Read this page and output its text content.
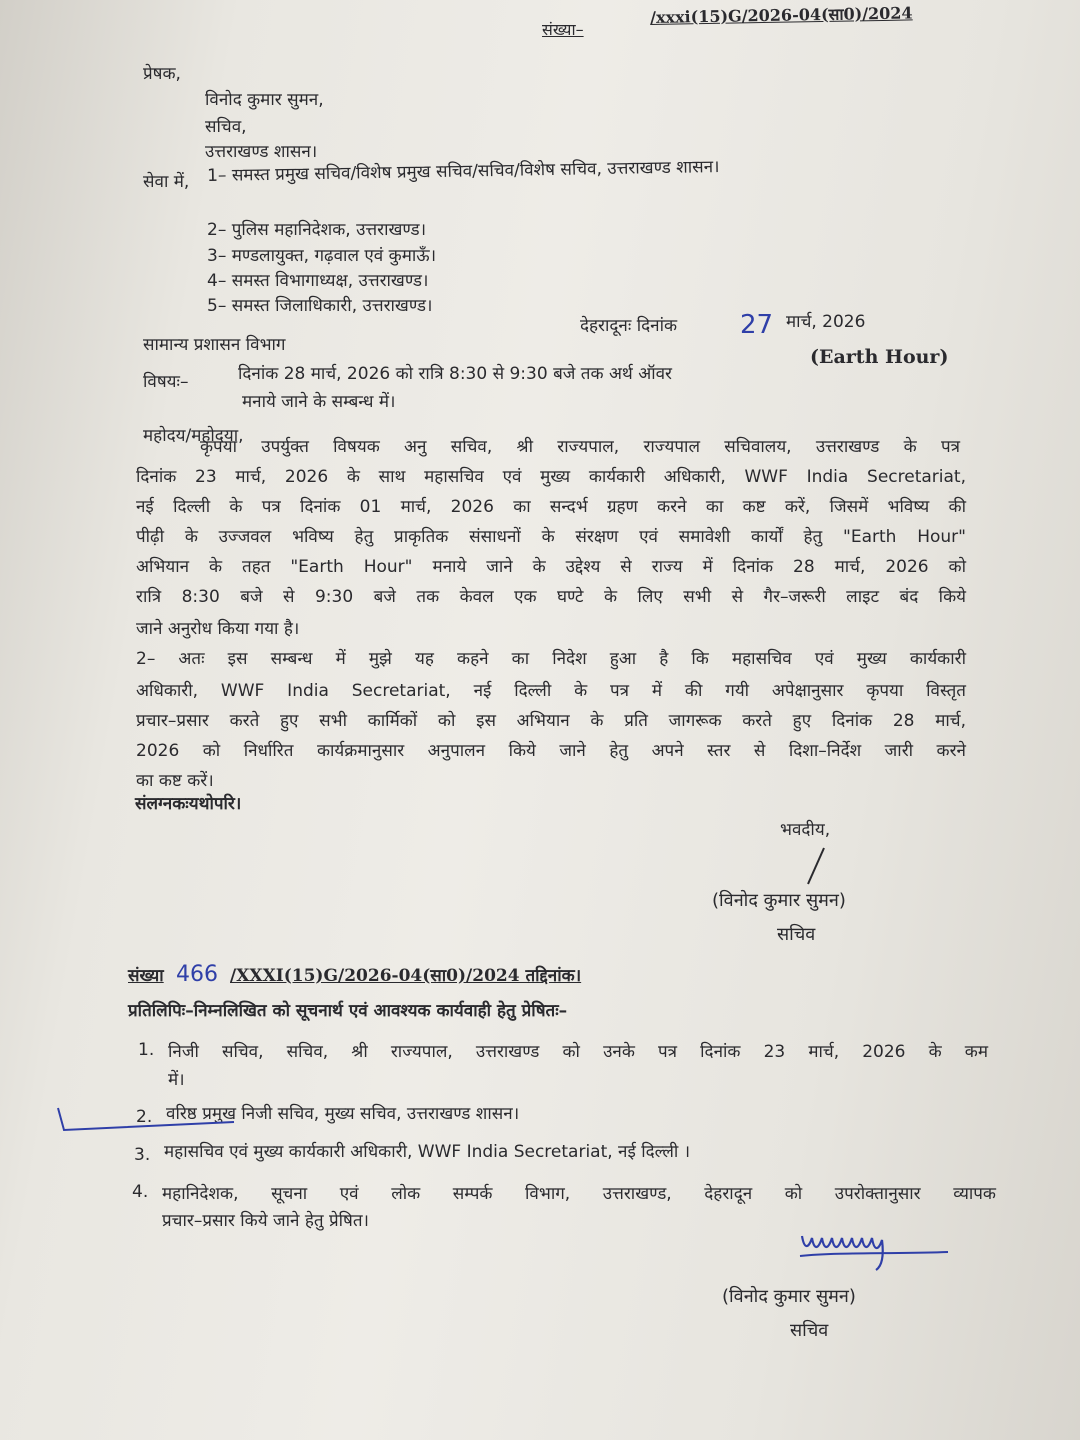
संख्या–
/xxxi(15)G/2026-04(सा0)/2024
प्रेषक,
विनोद कुमार सुमन,
सचिव,
उत्तराखण्ड शासन।
सेवा में, 1– समस्त प्रमुख सचिव/विशेष प्रमुख सचिव/सचिव/विशेष सचिव, उत्तराखण्ड शासन।
2– पुलिस महानिदेशक, उत्तराखण्ड।
3– मण्डलायुक्त, गढ़वाल एवं कुमाऊँ।
4– समस्त विभागाध्यक्ष, उत्तराखण्ड।
5– समस्त जिलाधिकारी, उत्तराखण्ड।
सामान्य प्रशासन विभाग
देहरादूनः दिनांक 27 मार्च, 2026
विषयः–	दिनांक 28 मार्च, 2026 को रात्रि 8:30 से 9:30 बजे तक अर्थ ऑवर
(Earth Hour)
मनाये जाने के सम्बन्ध में।
महोदय/महोदया,
कृपया उपर्युक्त विषयक अनु सचिव, श्री राज्यपाल, राज्यपाल सचिवालय, उत्तराखण्ड के पत्र
दिनांक 23 मार्च, 2026 के साथ महासचिव एवं मुख्य कार्यकारी अधिकारी, WWF India Secretariat,
नई दिल्ली के पत्र दिनांक 01 मार्च, 2026 का सन्दर्भ ग्रहण करने का कष्ट करें, जिसमें भविष्य की
पीढ़ी के उज्जवल भविष्य हेतु प्राकृतिक संसाधनों के संरक्षण एवं समावेशी कार्यों हेतु "Earth Hour"
अभियान के तहत "Earth Hour" मनाये जाने के उद्देश्य से राज्य में दिनांक 28 मार्च, 2026 को
रात्रि 8:30 बजे से 9:30 बजे तक केवल एक घण्टे के लिए सभी से गैर–जरूरी लाइट बंद किये
जाने अनुरोध किया गया है।
2– अतः इस सम्बन्ध में मुझे यह कहने का निदेश हुआ है कि महासचिव एवं मुख्य कार्यकारी
अधिकारी, WWF India Secretariat, नई दिल्ली के पत्र में की गयी अपेक्षानुसार कृपया विस्तृत
प्रचार–प्रसार करते हुए सभी कार्मिकों को इस अभियान के प्रति जागरूक करते हुए दिनांक 28 मार्च,
2026 को निर्धारित कार्यक्रमानुसार अनुपालन किये जाने हेतु अपने स्तर से दिशा–निर्देश जारी करने
का कष्ट करें।
संलग्नकःयथोपरि।
भवदीय,
(विनोद कुमार सुमन)
सचिव
संख्या 466 /XXXI(15)G/2026-04(सा0)/2024 तद्दिनांक।
प्रतिलिपिः–निम्नलिखित को सूचनार्थ एवं आवश्यक कार्यवाही हेतु प्रेषितः–
1. निजी सचिव, सचिव, श्री राज्यपाल, उत्तराखण्ड को उनके पत्र दिनांक 23 मार्च, 2026 के कम
में।
2. वरिष्ठ प्रमुख निजी सचिव, मुख्य सचिव, उत्तराखण्ड शासन।
3. महासचिव एवं मुख्य कार्यकारी अधिकारी, WWF India Secretariat, नई दिल्ली ।
4. महानिदेशक, सूचना एवं लोक सम्पर्क विभाग, उत्तराखण्ड, देहरादून को उपरोक्तानुसार व्यापक
प्रचार–प्रसार किये जाने हेतु प्रेषित।
(विनोद कुमार सुमन)
सचिव
